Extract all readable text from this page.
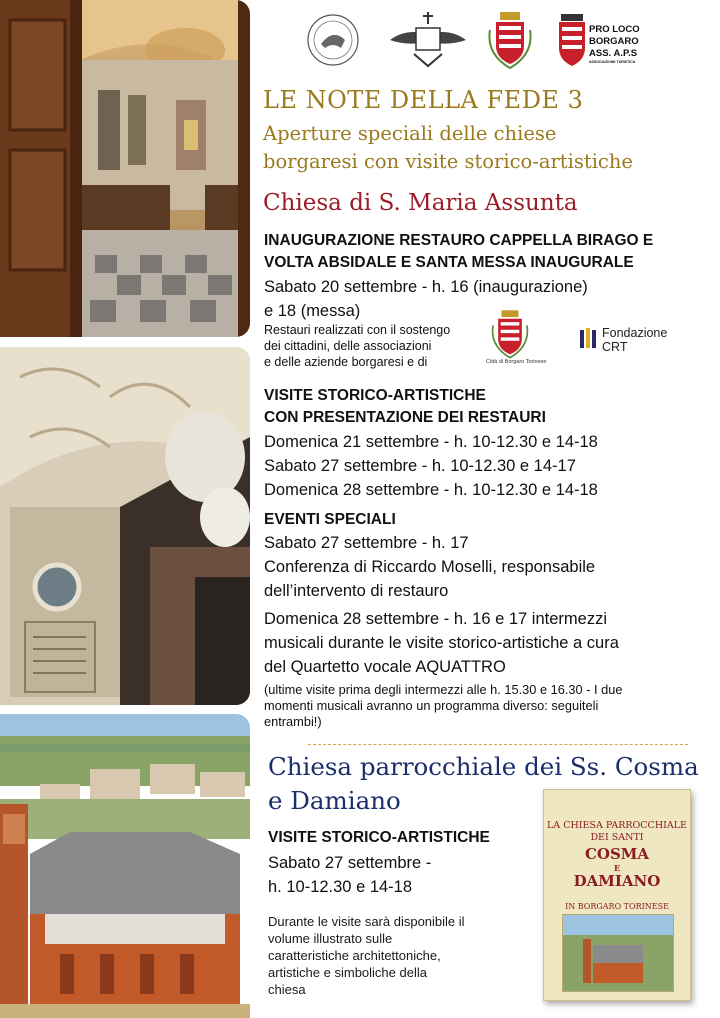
PRO LOCO
BORGARO
ASS. A.P.S
ASSOCIAZIONE TURISTICA
LE NOTE DELLA FEDE 3
Aperture speciali delle chiese
borgaresi con visite storico-artistiche
Chiesa di S. Maria Assunta
INAUGURAZIONE RESTAURO CAPPELLA BIRAGO E
VOLTA ABSIDALE E SANTA MESSA INAUGURALE
Sabato 20 settembre - h. 16 (inaugurazione)
e 18 (messa)
Restauri realizzati con il sostengo
dei cittadini, delle associazioni
e delle aziende borgaresi e di	Città di Borgaro Torinese
Fondazione
CRT
VISITE STORICO-ARTISTICHE
CON PRESENTAZIONE DEI RESTAURI
Domenica 21 settembre - h. 10-12.30 e 14-18
Sabato 27 settembre - h. 10-12.30 e 14-17
Domenica 28 settembre - h. 10-12.30 e 14-18
EVENTI SPECIALI
Sabato 27 settembre - h. 17
Conferenza di Riccardo Moselli, responsabile
dell’intervento di restauro
Domenica 28 settembre - h. 16 e 17 intermezzi
musicali durante le visite storico-artistiche a cura
del Quartetto vocale AQUATTRO
(ultime visite prima degli intermezzi alle h. 15.30 e 16.30 - I due
momenti musicali avranno un programma diverso: seguiteli
entrambi!)
Chiesa parrocchiale dei Ss. Cosma
e Damiano
VISITE STORICO-ARTISTICHE
Sabato 27 settembre -
h. 10-12.30 e 14-18
Durante le visite sarà disponibile il
volume illustrato sulle
caratteristiche architettoniche,
artistiche e simboliche della
chiesa
LA CHIESA PARROCCHIALE
DEI SANTI
COSMA
E
DAMIANO
IN BORGARO TORINESE
